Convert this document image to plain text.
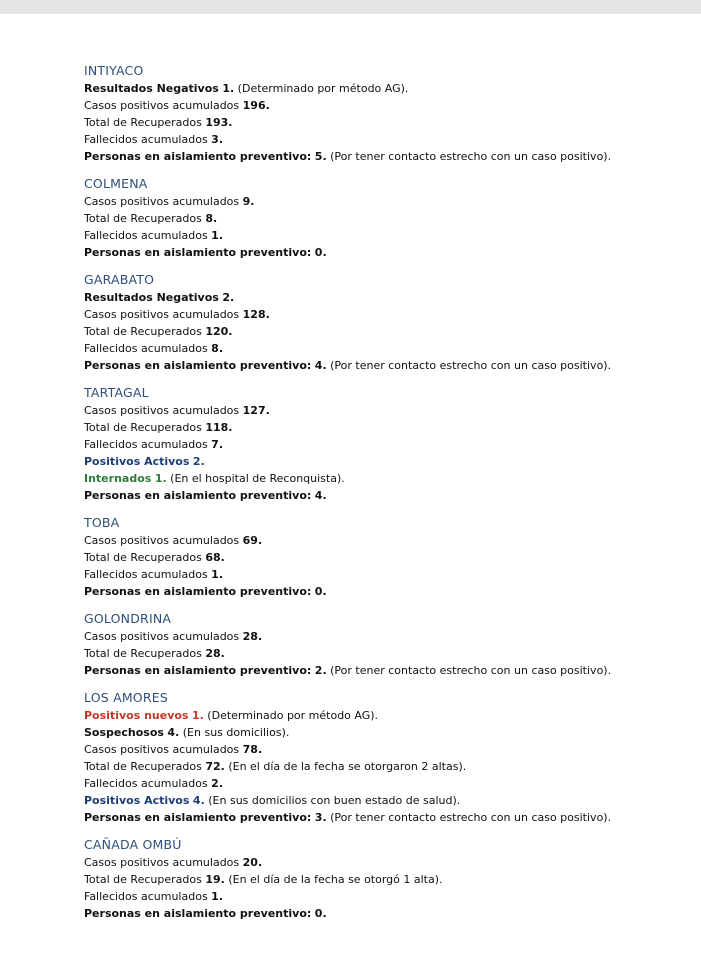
INTIYACO
Resultados Negativos 1. (Determinado por método AG).
Casos positivos acumulados 196.
Total de Recuperados 193.
Fallecidos acumulados 3.
Personas en aislamiento preventivo: 5. (Por tener contacto estrecho con un caso positivo).
COLMENA
Casos positivos acumulados 9.
Total de Recuperados 8.
Fallecidos acumulados 1.
Personas en aislamiento preventivo: 0.
GARABATO
Resultados Negativos 2.
Casos positivos acumulados 128.
Total de Recuperados 120.
Fallecidos acumulados 8.
Personas en aislamiento preventivo: 4. (Por tener contacto estrecho con un caso positivo).
TARTAGAL
Casos positivos acumulados 127.
Total de Recuperados 118.
Fallecidos acumulados 7.
Positivos Activos 2.
Internados 1. (En el hospital de Reconquista).
Personas en aislamiento preventivo: 4.
TOBA
Casos positivos acumulados 69.
Total de Recuperados 68.
Fallecidos acumulados 1.
Personas en aislamiento preventivo: 0.
GOLONDRINA
Casos positivos acumulados 28.
Total de Recuperados 28.
Personas en aislamiento preventivo: 2. (Por tener contacto estrecho con un caso positivo).
LOS AMORES
Positivos nuevos 1. (Determinado por método AG).
Sospechosos 4. (En sus domicilios).
Casos positivos acumulados 78.
Total de Recuperados 72. (En el día de la fecha se otorgaron 2 altas).
Fallecidos acumulados 2.
Positivos Activos 4. (En sus domicilios con buen estado de salud).
Personas en aislamiento preventivo: 3. (Por tener contacto estrecho con un caso positivo).
CAÑADA OMBÚ
Casos positivos acumulados 20.
Total de Recuperados 19. (En el día de la fecha se otorgó 1 alta).
Fallecidos acumulados 1.
Personas en aislamiento preventivo: 0.
